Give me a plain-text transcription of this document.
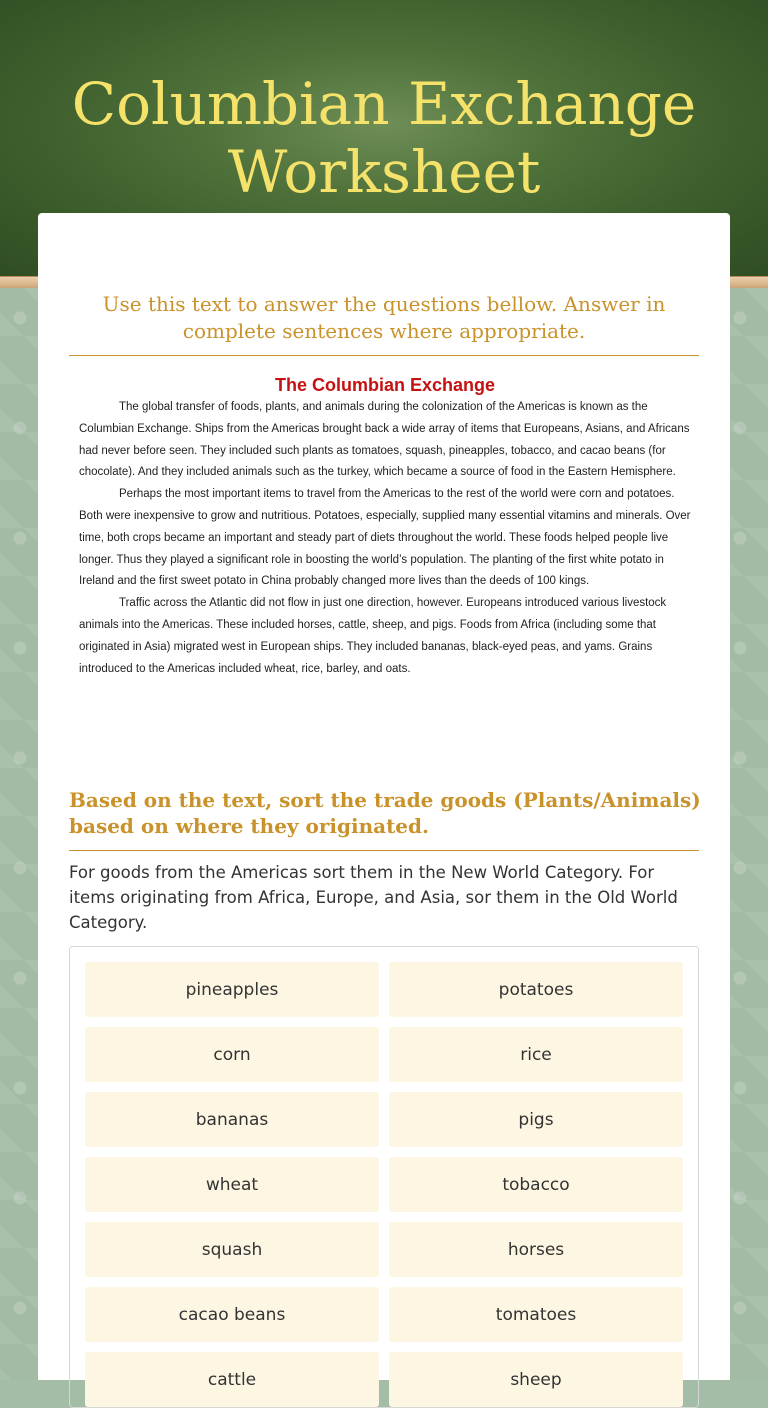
Columbian Exchange Worksheet

Use this text to answer the questions bellow. Answer in complete sentences where appropriate.

The Columbian Exchange

The global transfer of foods, plants, and animals during the colonization of the Americas is known as the Columbian Exchange. Ships from the Americas brought back a wide array of items that Europeans, Asians, and Africans had never before seen. They included such plants as tomatoes, squash, pineapples, tobacco, and cacao beans (for chocolate). And they included animals such as the turkey, which became a source of food in the Eastern Hemisphere.

Perhaps the most important items to travel from the Americas to the rest of the world were corn and potatoes. Both were inexpensive to grow and nutritious. Potatoes, especially, supplied many essential vitamins and minerals. Over time, both crops became an important and steady part of diets throughout the world. These foods helped people live longer. Thus they played a significant role in boosting the world’s population. The planting of the first white potato in Ireland and the first sweet potato in China probably changed more lives than the deeds of 100 kings.

Traffic across the Atlantic did not flow in just one direction, however. Europeans introduced various livestock animals into the Americas. These included horses, cattle, sheep, and pigs. Foods from Africa (including some that originated in Asia) migrated west in European ships. They included bananas, black-eyed peas, and yams. Grains introduced to the Americas included wheat, rice, barley, and oats.

Based on the text, sort the trade goods (Plants/Animals) based on where they originated.

For goods from the Americas sort them in the New World Category. For items originating from Africa, Europe, and Asia, sor them in the Old World Category.

pineapples	potatoes
corn	rice
bananas	pigs
wheat	tobacco
squash	horses
cacao beans	tomatoes
cattle	sheep
